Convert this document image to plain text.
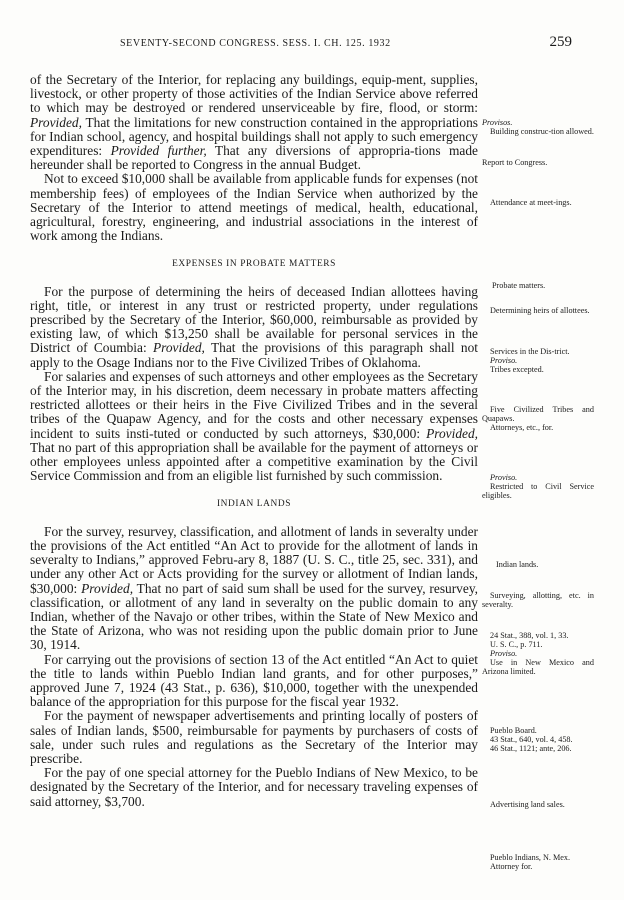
SEVENTY-SECOND CONGRESS. SESS. I. CH. 125. 1932	259

of the Secretary of the Interior, for replacing any buildings, equip-ment, supplies, livestock, or other property of those activities of the Indian Service above referred to which may be destroyed or rendered unserviceable by fire, flood, or storm: Provided, That the limitations for new construction contained in the appropriations for Indian school, agency, and hospital buildings shall not apply to such emergency expenditures: Provided further, That any diversions of appropria-tions made hereunder shall be reported to Congress in the annual Budget.

Not to exceed $10,000 shall be available from applicable funds for expenses (not membership fees) of employees of the Indian Service when authorized by the Secretary of the Interior to attend meetings of medical, health, educational, agricultural, forestry, engineering, and industrial associations in the interest of work among the Indians.

EXPENSES IN PROBATE MATTERS

For the purpose of determining the heirs of deceased Indian allottees having right, title, or interest in any trust or restricted property, under regulations prescribed by the Secretary of the Interior, $60,000, reimbursable as provided by existing law, of which $13,250 shall be available for personal services in the District of Coumbia: Provided, That the provisions of this paragraph shall not apply to the Osage Indians nor to the Five Civilized Tribes of Oklahoma.

For salaries and expenses of such attorneys and other employees as the Secretary of the Interior may, in his discretion, deem necessary in probate matters affecting restricted allottees or their heirs in the Five Civilized Tribes and in the several tribes of the Quapaw Agency, and for the costs and other necessary expenses incident to suits insti-tuted or conducted by such attorneys, $30,000: Provided, That no part of this appropriation shall be available for the payment of attorneys or other employees unless appointed after a competitive examination by the Civil Service Commission and from an eligible list furnished by such commission.

INDIAN LANDS

For the survey, resurvey, classification, and allotment of lands in severalty under the provisions of the Act entitled “An Act to provide for the allotment of lands in severalty to Indians,” approved Febru-ary 8, 1887 (U. S. C., title 25, sec. 331), and under any other Act or Acts providing for the survey or allotment of Indian lands, $30,000: Provided, That no part of said sum shall be used for the survey, resurvey, classification, or allotment of any land in severalty on the public domain to any Indian, whether of the Navajo or other tribes, within the State of New Mexico and the State of Arizona, who was not residing upon the public domain prior to June 30, 1914.

For carrying out the provisions of section 13 of the Act entitled “An Act to quiet the title to lands within Pueblo Indian land grants, and for other purposes,” approved June 7, 1924 (43 Stat., p. 636), $10,000, together with the unexpended balance of the appropriation for this purpose for the fiscal year 1932.

For the payment of newspaper advertisements and printing locally of posters of sales of Indian lands, $500, reimbursable for payments by purchasers of costs of sale, under such rules and regulations as the Secretary of the Interior may prescribe.

For the pay of one special attorney for the Pueblo Indians of New Mexico, to be designated by the Secretary of the Interior, and for necessary traveling expenses of said attorney, $3,700.

Provisos.
Building construc-tion allowed.
Report to Congress.
Attendance at meet-ings.
Probate matters.
Determining heirs of allottees.
Services in the Dis-trict.
Proviso.
Tribes excepted.
Five Civilized Tribes and Quapaws.
Attorneys, etc., for.
Proviso.
Restricted to Civil Service eligibles.
Indian lands.
Surveying, allotting, etc. in severalty.
24 Stat., 388, vol. 1, 33.
U. S. C., p. 711.
Proviso.
Use in New Mexico and Arizona limited.
Pueblo Board.
43 Stat., 640, vol. 4, 458.
46 Stat., 1121; ante, 206.
Advertising land sales.
Pueblo Indians, N. Mex.
Attorney for.
